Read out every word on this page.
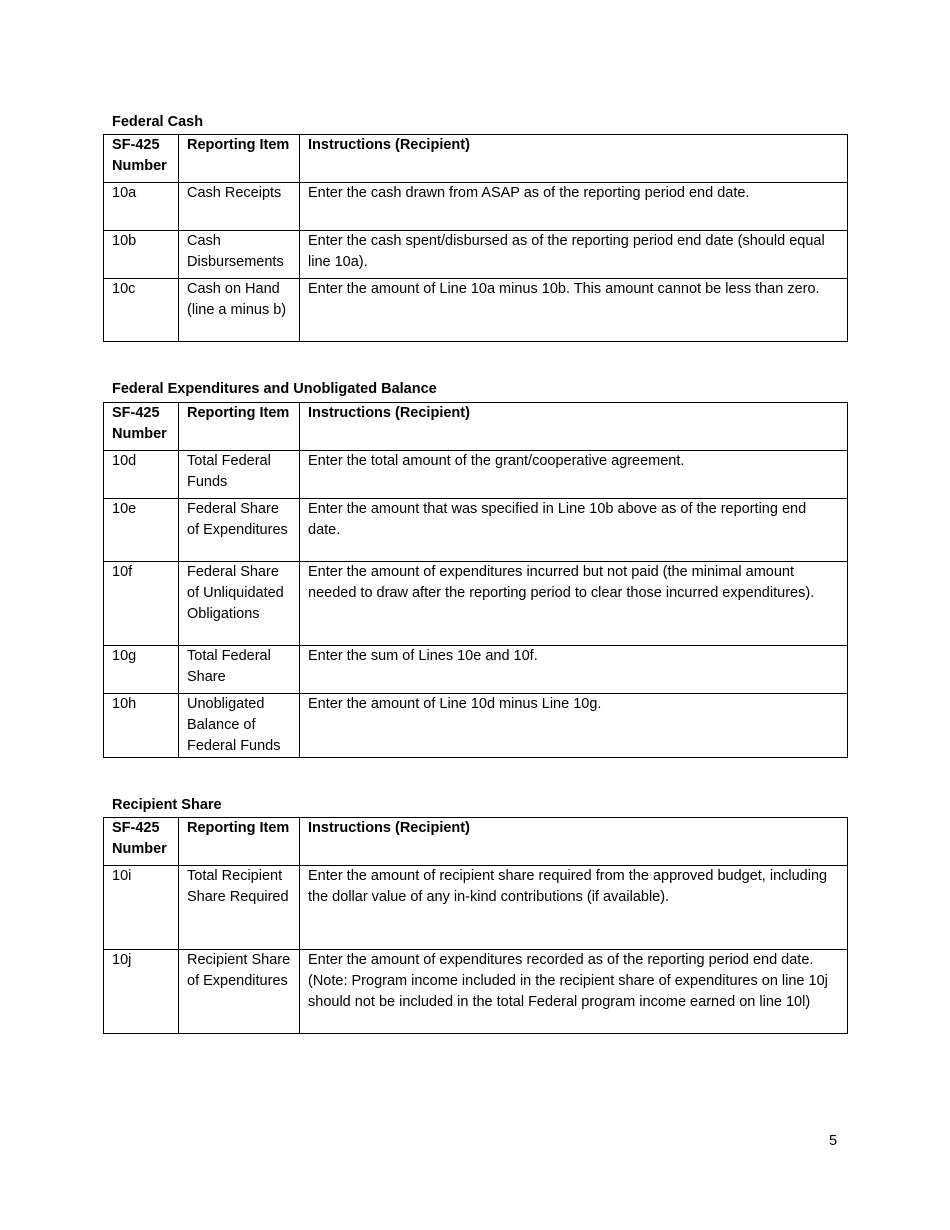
Federal Cash
SF-425 Number	Reporting Item	Instructions (Recipient)
10a	Cash Receipts	Enter the cash drawn from ASAP as of the reporting period end date.
10b	Cash Disbursements	Enter the cash spent/disbursed as of the reporting period end date (should equal line 10a).
10c	Cash on Hand (line a minus b)	Enter the amount of Line 10a minus 10b. This amount cannot be less than zero.
Federal Expenditures and Unobligated Balance
SF-425 Number	Reporting Item	Instructions (Recipient)
10d	Total Federal Funds	Enter the total amount of the grant/cooperative agreement.
10e	Federal Share of Expenditures	Enter the amount that was specified in Line 10b above as of the reporting end date.
10f	Federal Share of Unliquidated Obligations	Enter the amount of expenditures incurred but not paid (the minimal amount needed to draw after the reporting period to clear those incurred expenditures).
10g	Total Federal Share	Enter the sum of Lines 10e and 10f.
10h	Unobligated Balance of Federal Funds	Enter the amount of Line 10d minus Line 10g.
Recipient Share
SF-425 Number	Reporting Item	Instructions (Recipient)
10i	Total Recipient Share Required	Enter the amount of recipient share required from the approved budget, including the dollar value of any in-kind contributions (if available).
10j	Recipient Share of Expenditures	Enter the amount of expenditures recorded as of the reporting period end date. (Note: Program income included in the recipient share of expenditures on line 10j should not be included in the total Federal program income earned on line 10l)
5
